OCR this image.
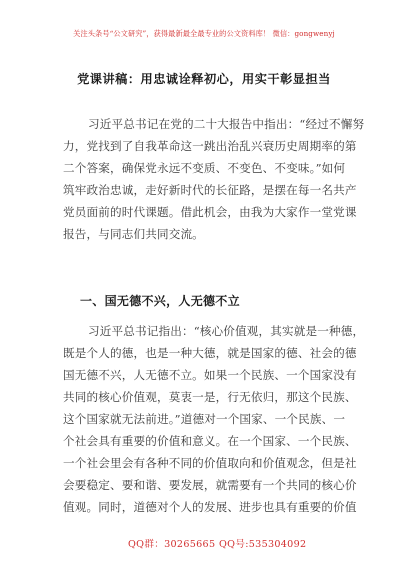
关注头条号“公文研究”，获得最新最全最专业的公文资料库！ 微信：gongwenyj
党课讲稿：用忠诚诠释初心，用实干彰显担当
习近平总书记在党的二十大报告中指出：“经过不懈努
力，党找到了自我革命这一跳出治乱兴衰历史周期率的第
二个答案，确保党永远不变质、不变色、不变味。”如何
筑牢政治忠诚，走好新时代的长征路，是摆在每一名共产
党员面前的时代课题。借此机会，由我为大家作一堂党课
报告，与同志们共同交流。
一、国无德不兴，人无德不立
习近平总书记指出：“核心价值观，其实就是一种德，
既是个人的德，也是一种大德，就是国家的德、社会的德
国无德不兴，人无德不立。如果一个民族、一个国家没有
共同的核心价值观，莫衷一是，行无依归，那这个民族、
这个国家就无法前进。”道德对一个国家、一个民族、一
个社会具有重要的价值和意义。在一个国家、一个民族、
一个社会里会有各种不同的价值取向和价值观念，但是社
会要稳定、要和谐、要发展，就需要有一个共同的核心价
值观。同时，道德对个人的发展、进步也具有重要的价值
QQ群：30265665 QQ号:535304092
